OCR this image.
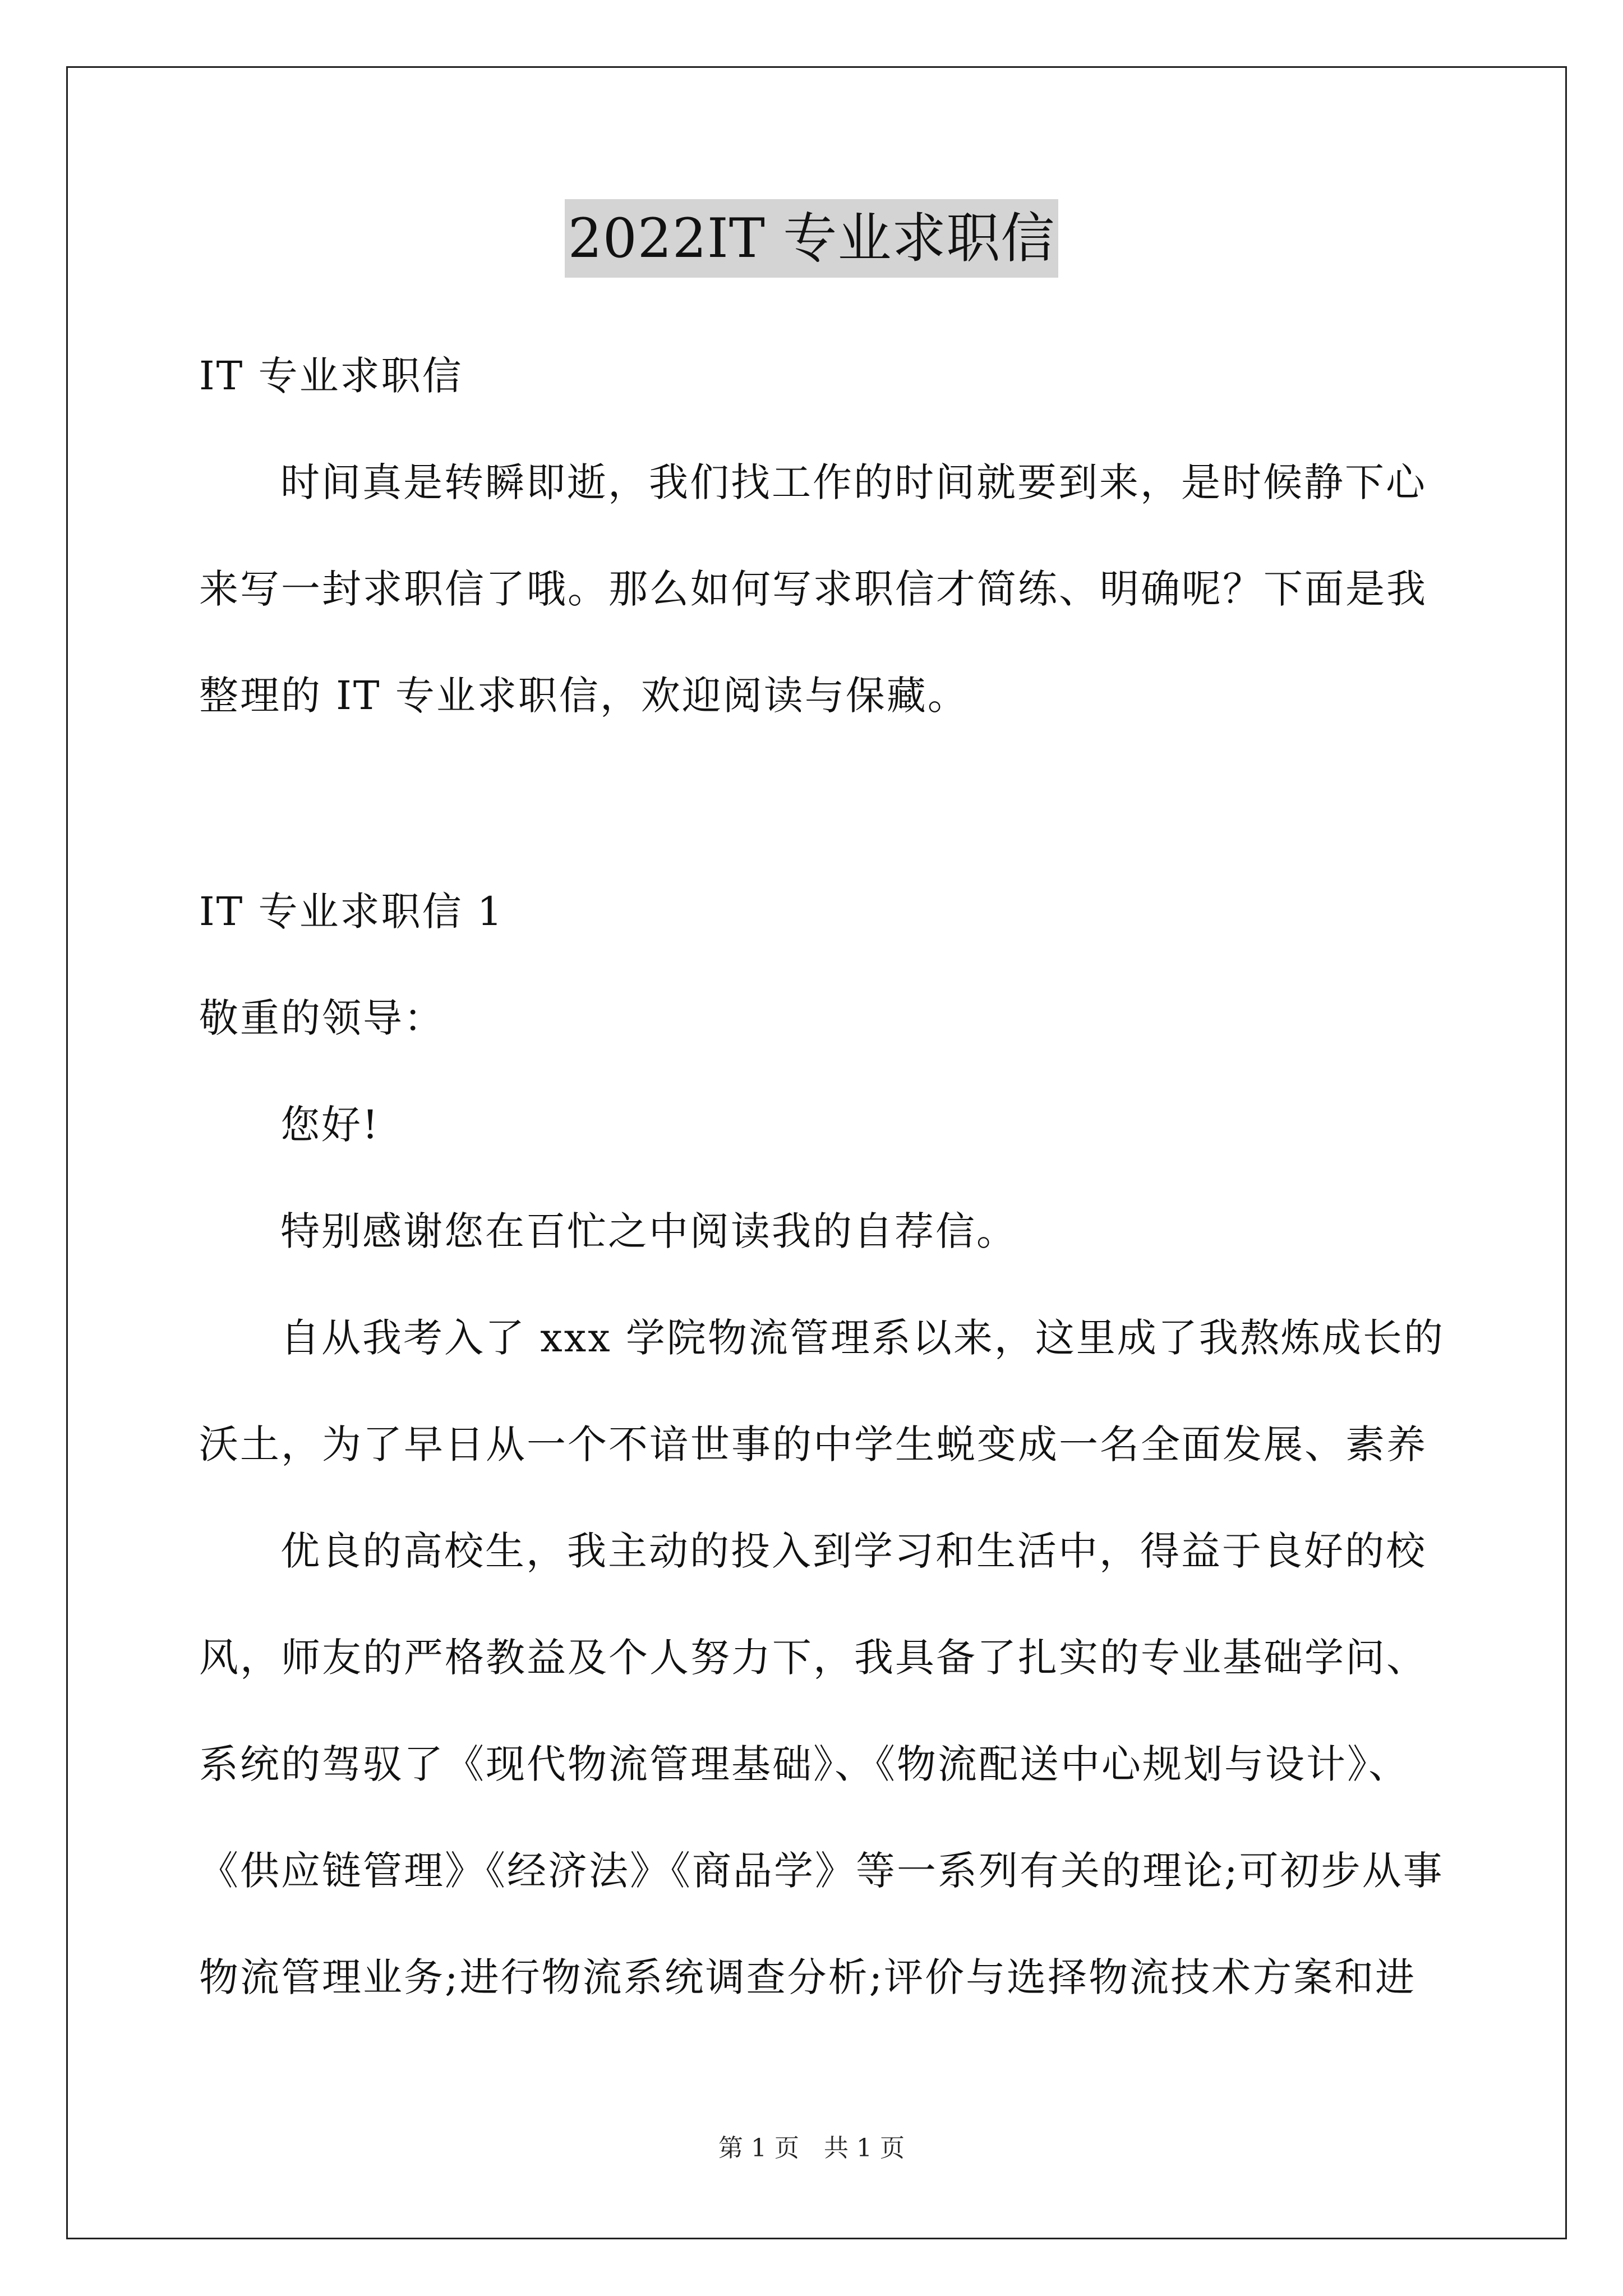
2022IT 专业求职信
IT 专业求职信
时间真是转瞬即逝，我们找工作的时间就要到来，是时候静下心
来写一封求职信了哦。那么如何写求职信才简练、明确呢？下面是我
整理的 IT 专业求职信，欢迎阅读与保藏。
IT 专业求职信 1
敬重的领导：
您好!
特别感谢您在百忙之中阅读我的自荐信。
自从我考入了 xxx 学院物流管理系以来，这里成了我熬炼成长的
沃土，为了早日从一个不谙世事的中学生蜕变成一名全面发展、素养
优良的高校生，我主动的投入到学习和生活中，得益于良好的校
风，师友的严格教益及个人努力下，我具备了扎实的专业基础学问、
系统的驾驭了《现代物流管理基础》、《物流配送中心规划与设计》、
《供应链管理》《经济法》《商品学》等一系列有关的理论;可初步从事
物流管理业务;进行物流系统调查分析;评价与选择物流技术方案和进
第 1 页　共 1 页
